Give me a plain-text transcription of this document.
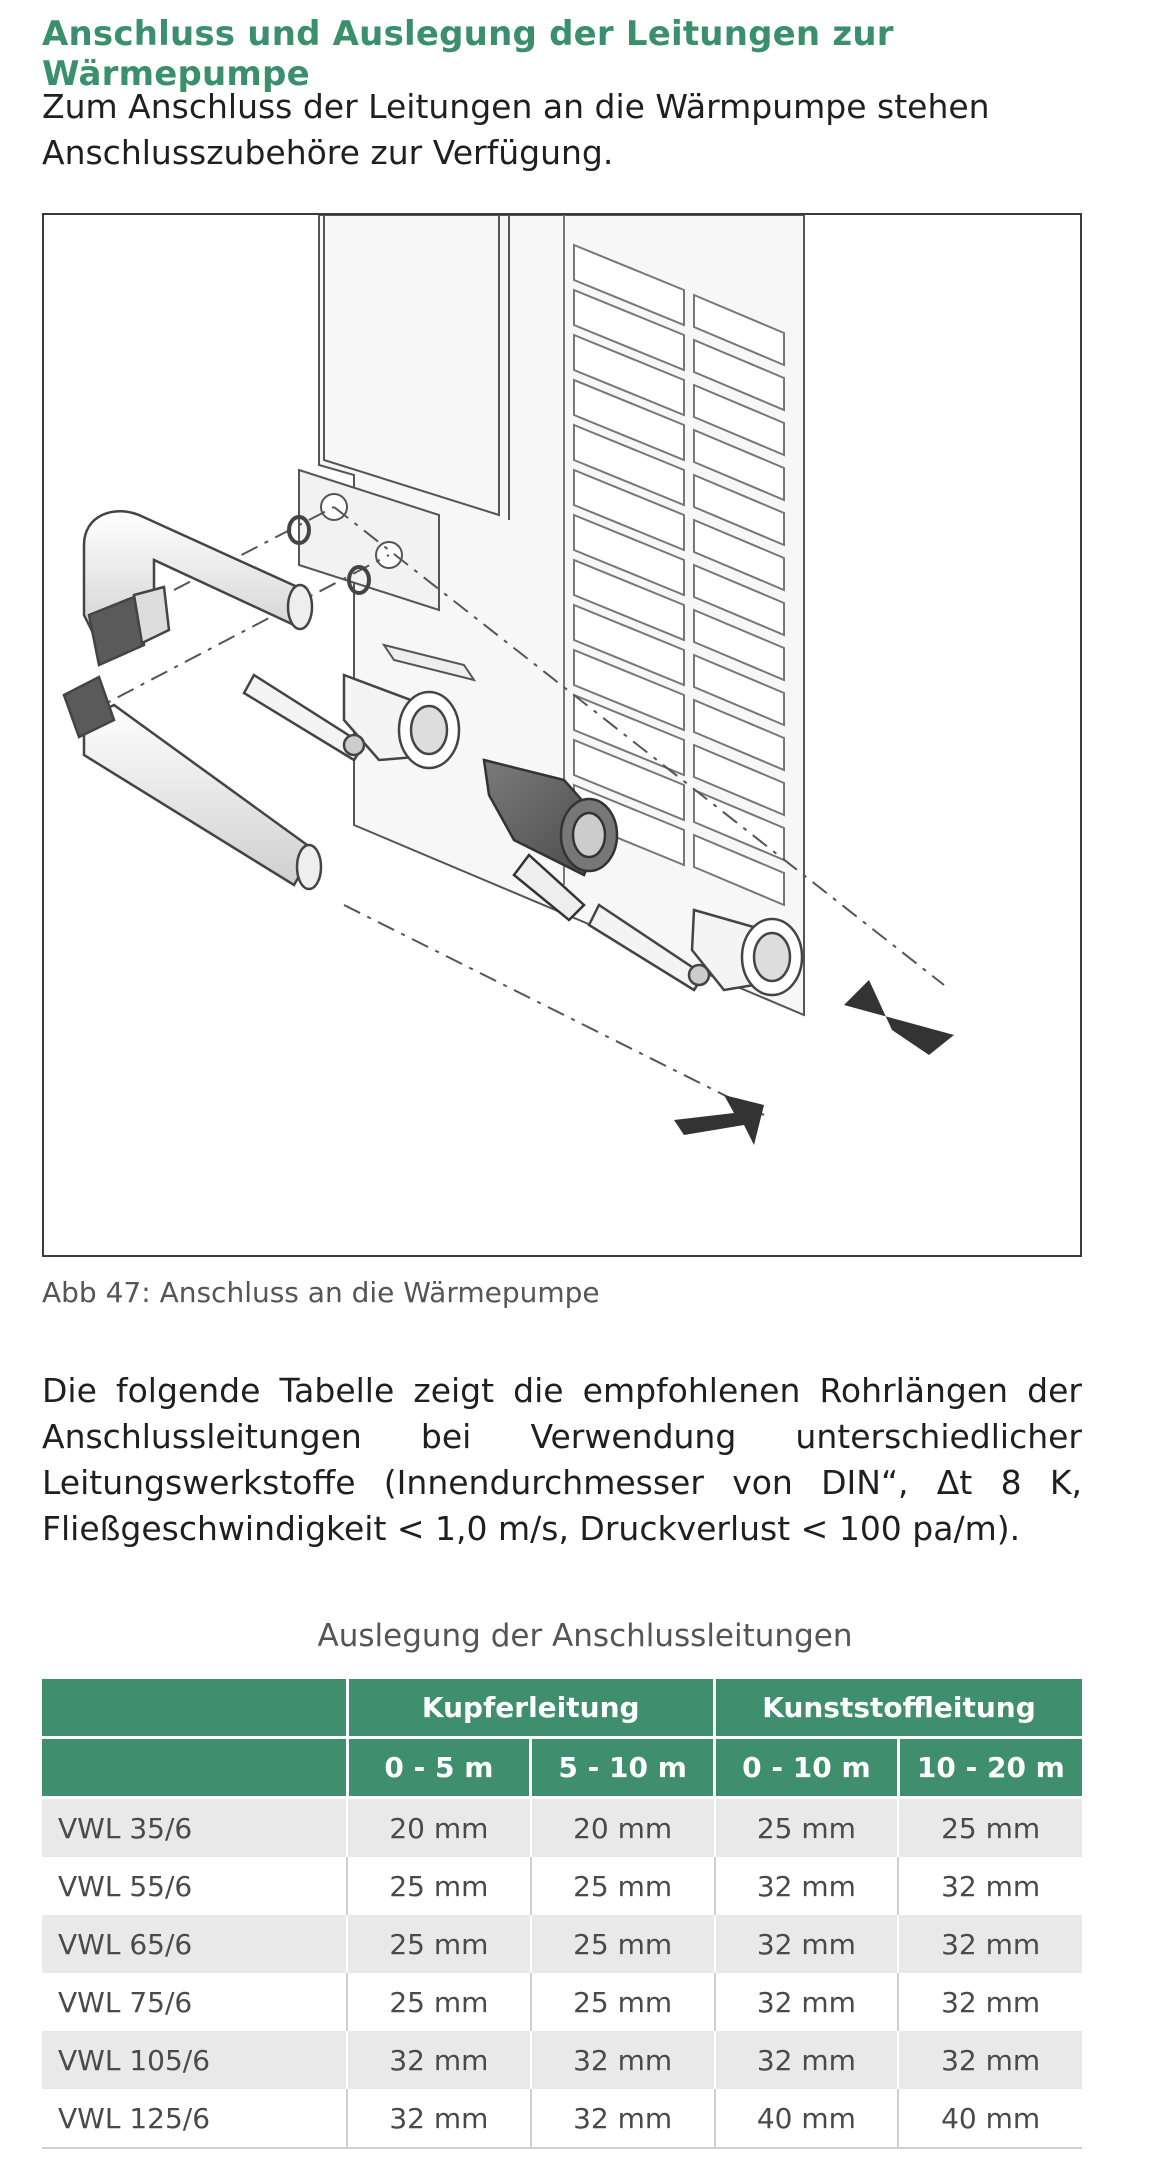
Anschluss und Auslegung der Leitungen zur Wärmepumpe
Zum Anschluss der Leitungen an die Wärmpumpe stehen Anschlusszubehöre zur Verfügung.
Abb 47: Anschluss an die Wärmepumpe
Die folgende Tabelle zeigt die empfohlenen Rohrlängen der Anschlussleitungen bei Verwendung unterschiedlicher Leitungswerkstoffe (Innendurchmesser von DIN“, Δt 8 K, Fließgeschwindigkeit < 1,0 m/s, Druckverlust < 100 pa/m).
Auslegung der Anschlussleitungen
	Kupferleitung		Kunststoffleitung	
	0 - 5 m	5 - 10 m	0 - 10 m	10 - 20 m
VWL 35/6	20 mm	20 mm	25 mm	25 mm
VWL 55/6	25 mm	25 mm	32 mm	32 mm
VWL 65/6	25 mm	25 mm	32 mm	32 mm
VWL 75/6	25 mm	25 mm	32 mm	32 mm
VWL 105/6	32 mm	32 mm	32 mm	32 mm
VWL 125/6	32 mm	32 mm	40 mm	40 mm
